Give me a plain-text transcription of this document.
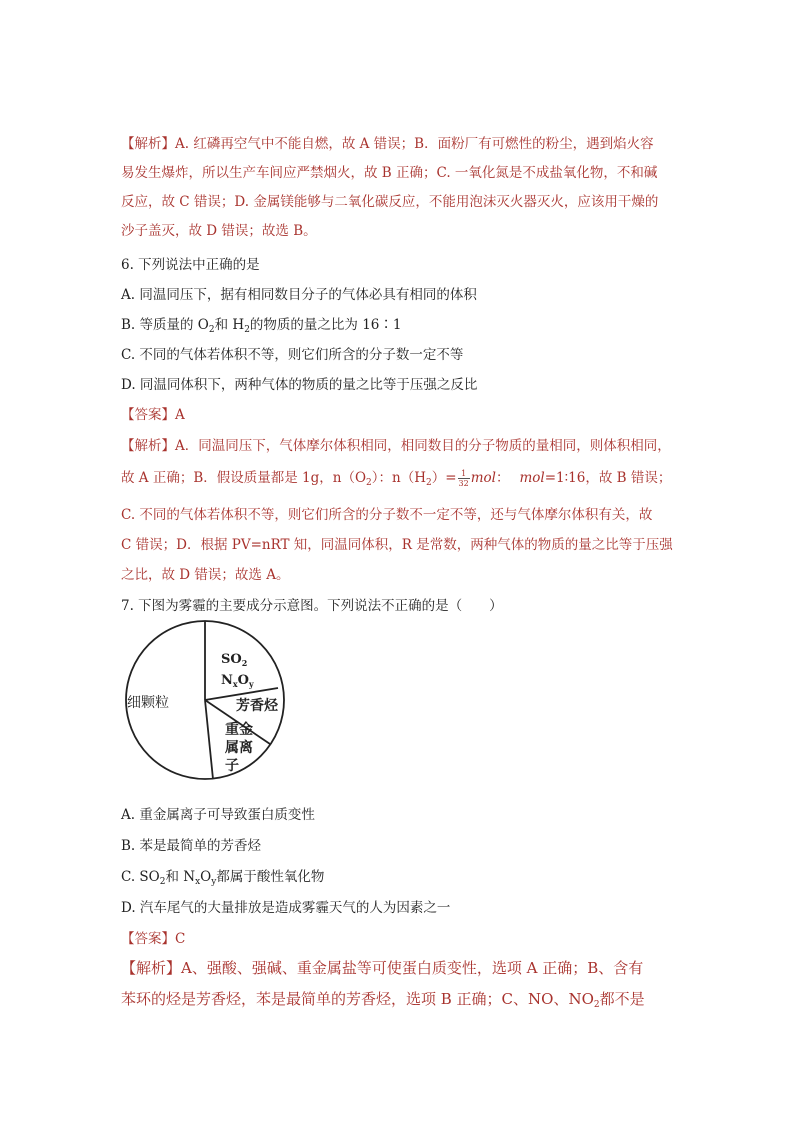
【解析】A. 红磷再空气中不能自燃，故 A 错误；B．面粉厂有可燃性的粉尘，遇到焰火容
易发生爆炸，所以生产车间应严禁烟火，故 B 正确；C. 一氧化氮是不成盐氧化物，不和碱
反应，故 C 错误；D. 金属镁能够与二氧化碳反应，不能用泡沫灭火器灭火，应该用干燥的
沙子盖灭，故 D 错误；故选 B。
6. 下列说法中正确的是
A. 同温同压下，据有相同数目分子的气体必具有相同的体积
B. 等质量的 $O_2$和 $H_2$的物质的量之比为 16∶1
C. 不同的气体若体积不等，则它们所含的分子数一定不等
D. 同温同体积下，两种气体的物质的量之比等于压强之反比
【答案】A
【解析】A．同温同压下，气体摩尔体积相同，相同数目的分子物质的量相同，则体积相同，
故 A 正确；B．假设质量都是 1g，$n(O_2)$：$n(H_2)= \frac{1}{32}$ mol： mol=1∶16，故 B 错误；
C. 不同的气体若体积不等，则它们所含的分子数不一定不等，还与气体摩尔体积有关，故
C 错误；D．根据 PV=nRT 知，同温同体积，R 是常数，两种气体的物质的量之比等于压强
之比，故 D 错误；故选 A。
7. 下图为雾霾的主要成分示意图。下列说法不正确的是（　　）
细颗粒
$SO_2$
$N_xO_y$
芳香烃
重金
属离
子
A. 重金属离子可导致蛋白质变性
B. 苯是最简单的芳香烃
C. $SO_2$和 $N_xO_y$都属于酸性氧化物
D. 汽车尾气的大量排放是造成雾霾天气的人为因素之一
【答案】C
【解析】A、强酸、强碱、重金属盐等可使蛋白质变性，选项 A 正确；B、含有
苯环的烃是芳香烃，苯是最简单的芳香烃，选项 B 正确；C、NO、$NO_2$都不是
